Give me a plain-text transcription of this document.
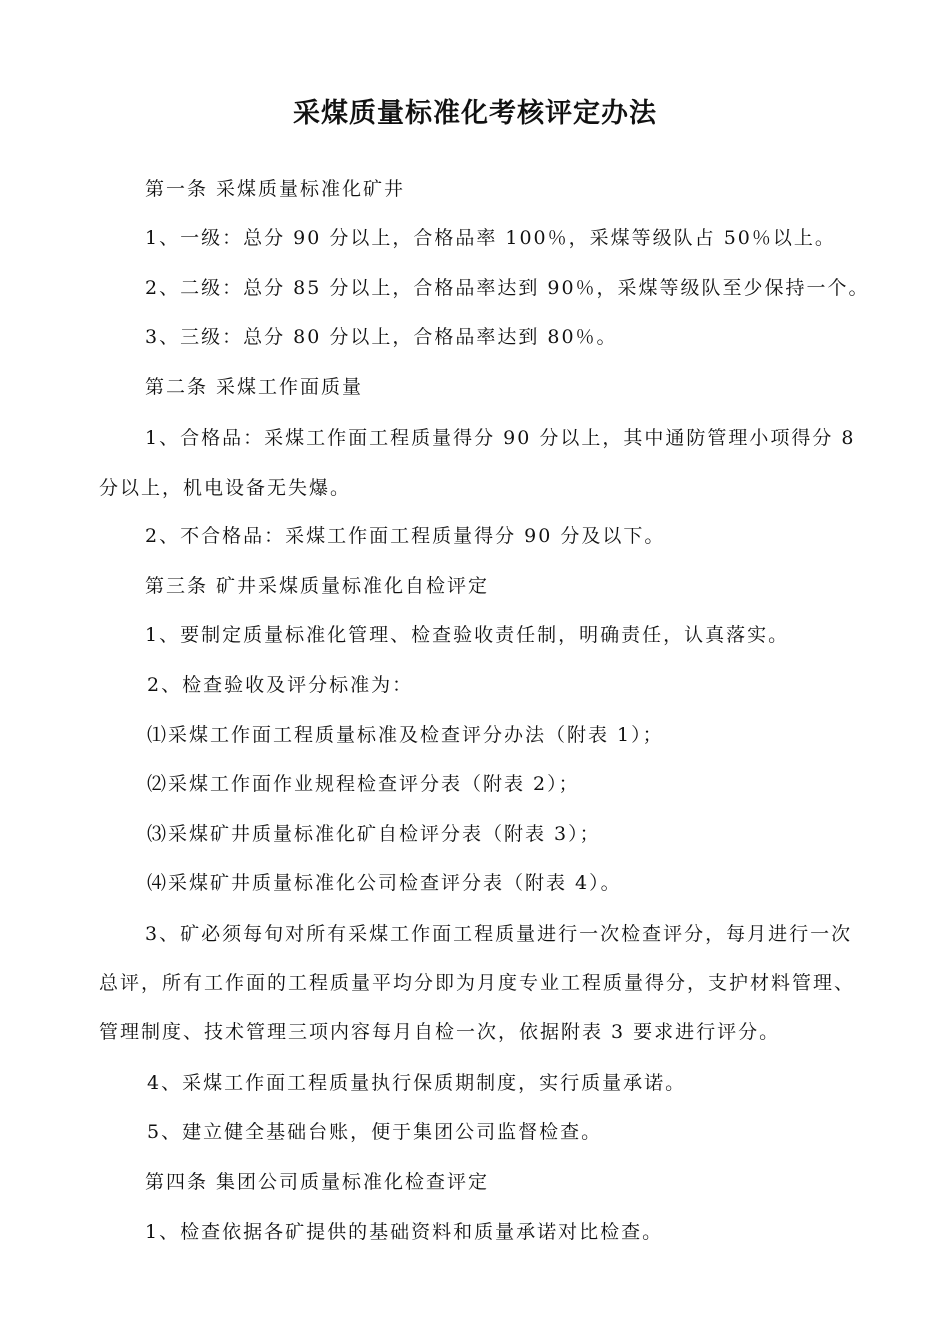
采煤质量标准化考核评定办法
第一条 采煤质量标准化矿井
1、一级：总分 90 分以上，合格品率 100％，采煤等级队占 50％以上。
2、二级：总分 85 分以上，合格品率达到 90％，采煤等级队至少保持一个。
3、三级：总分 80 分以上，合格品率达到 80％。
第二条 采煤工作面质量
1、合格品：采煤工作面工程质量得分 90 分以上，其中通防管理小项得分 8
分以上，机电设备无失爆。
2、不合格品：采煤工作面工程质量得分 90 分及以下。
第三条 矿井采煤质量标准化自检评定
1、要制定质量标准化管理、检查验收责任制，明确责任，认真落实。
2、检查验收及评分标准为：
⑴采煤工作面工程质量标准及检查评分办法（附表 1）；
⑵采煤工作面作业规程检查评分表（附表 2）；
⑶采煤矿井质量标准化矿自检评分表（附表 3）；
⑷采煤矿井质量标准化公司检查评分表（附表 4）。
3、矿必须每旬对所有采煤工作面工程质量进行一次检查评分，每月进行一次
总评，所有工作面的工程质量平均分即为月度专业工程质量得分，支护材料管理、
管理制度、技术管理三项内容每月自检一次，依据附表 3 要求进行评分。
4、采煤工作面工程质量执行保质期制度，实行质量承诺。
5、建立健全基础台账，便于集团公司监督检查。
第四条 集团公司质量标准化检查评定
1、检查依据各矿提供的基础资料和质量承诺对比检查。
